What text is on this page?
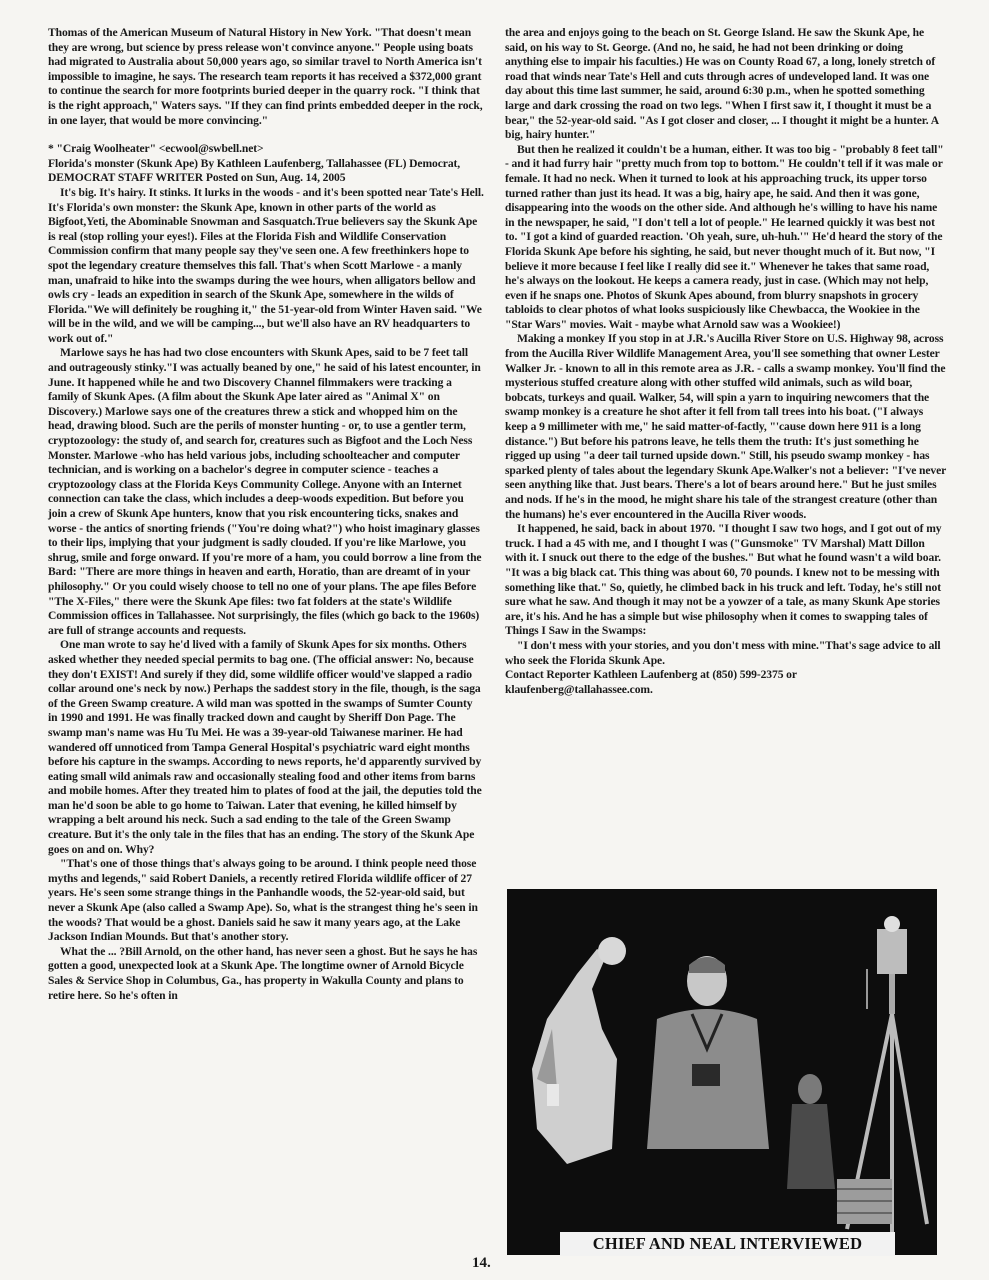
Thomas of the American Museum of Natural History in New York. "That doesn't mean they are wrong, but science by press release won't convince anyone." People using boats had migrated to Australia about 50,000 years ago, so similar travel to North America isn't impossible to imagine, he says. The research team reports it has received a $372,000 grant to continue the search for more footprints buried deeper in the quarry rock. "I think that is the right approach," Waters says. "If they can find prints embedded deeper in the rock, in one layer, that would be more convincing."

* "Craig Woolheater" <ecwool@swbell.net>

Florida's monster (Skunk Ape) By Kathleen Laufenberg, Tallahassee (FL) Democrat, DEMOCRAT STAFF WRITER Posted on Sun, Aug. 14, 2005

It's big. It's hairy. It stinks. It lurks in the woods - and it's been spotted near Tate's Hell. It's Florida's own monster: the Skunk Ape, known in other parts of the world as Bigfoot,Yeti, the Abominable Snowman and Sasquatch.True believers say the Skunk Ape is real (stop rolling your eyes!). Files at the Florida Fish and Wildlife Conservation Commission confirm that many people say they've seen one. A few freethinkers hope to spot the legendary creature themselves this fall. That's when Scott Marlowe - a manly man, unafraid to hike into the swamps during the wee hours, when alligators bellow and owls cry - leads an expedition in search of the Skunk Ape, somewhere in the wilds of Florida."We will definitely be roughing it," the 51-year-old from Winter Haven said. "We will be in the wild, and we will be camping..., but we'll also have an RV headquarters to work out of."

Marlowe says he has had two close encounters with Skunk Apes, said to be 7 feet tall and outrageously stinky."I was actually beaned by one," he said of his latest encounter, in June. It happened while he and two Discovery Channel filmmakers were tracking a family of Skunk Apes. (A film about the Skunk Ape later aired as "Animal X" on Discovery.) Marlowe says one of the creatures threw a stick and whopped him on the head, drawing blood. Such are the perils of monster hunting - or, to use a gentler term, cryptozoology: the study of, and search for, creatures such as Bigfoot and the Loch Ness Monster. Marlowe -who has held various jobs, including schoolteacher and computer technician, and is working on a bachelor's degree in computer science - teaches a cryptozoology class at the Florida Keys Community College. Anyone with an Internet connection can take the class, which includes a deep-woods expedition. But before you join a crew of Skunk Ape hunters, know that you risk encountering ticks, snakes and worse - the antics of snorting friends ("You're doing what?") who hoist imaginary glasses to their lips, implying that your judgment is sadly clouded. If you're like Marlowe, you shrug, smile and forge onward. If you're more of a ham, you could borrow a line from the Bard: "There are more things in heaven and earth, Horatio, than are dreamt of in your philosophy." Or you could wisely choose to tell no one of your plans. The ape files Before "The X-Files," there were the Skunk Ape files: two fat folders at the state's Wildlife Commission offices in Tallahassee. Not surprisingly, the files (which go back to the 1960s) are full of strange accounts and requests.

One man wrote to say he'd lived with a family of Skunk Apes for six months. Others asked whether they needed special permits to bag one. (The official answer: No, because they don't EXIST! And surely if they did, some wildlife officer would've slapped a radio collar around one's neck by now.) Perhaps the saddest story in the file, though, is the saga of the Green Swamp creature. A wild man was spotted in the swamps of Sumter County in 1990 and 1991. He was finally tracked down and caught by Sheriff Don Page. The swamp man's name was Hu Tu Mei. He was a 39-year-old Taiwanese mariner. He had wandered off unnoticed from Tampa General Hospital's psychiatric ward eight months before his capture in the swamps. According to news reports, he'd apparently survived by eating small wild animals raw and occasionally stealing food and other items from barns and mobile homes. After they treated him to plates of food at the jail, the deputies told the man he'd soon be able to go home to Taiwan. Later that evening, he killed himself by wrapping a belt around his neck. Such a sad ending to the tale of the Green Swamp creature. But it's the only tale in the files that has an ending. The story of the Skunk Ape goes on and on. Why?

"That's one of those things that's always going to be around. I think people need those myths and legends," said Robert Daniels, a recently retired Florida wildlife officer of 27 years. He's seen some strange things in the Panhandle woods, the 52-year-old said, but never a Skunk Ape (also called a Swamp Ape). So, what is the strangest thing he's seen in the woods? That would be a ghost. Daniels said he saw it many years ago, at the Lake Jackson Indian Mounds. But that's another story.

What the ... ?Bill Arnold, on the other hand, has never seen a ghost. But he says he has gotten a good, unexpected look at a Skunk Ape. The longtime owner of Arnold Bicycle Sales & Service Shop in Columbus, Ga., has property in Wakulla County and plans to retire here. So he's often in

the area and enjoys going to the beach on St. George Island. He saw the Skunk Ape, he said, on his way to St. George. (And no, he said, he had not been drinking or doing anything else to impair his faculties.) He was on County Road 67, a long, lonely stretch of road that winds near Tate's Hell and cuts through acres of undeveloped land. It was one day about this time last summer, he said, around 6:30 p.m., when he spotted something large and dark crossing the road on two legs. "When I first saw it, I thought it must be a bear," the 52-year-old said. "As I got closer and closer, ... I thought it might be a hunter. A big, hairy hunter."

But then he realized it couldn't be a human, either. It was too big - "probably 8 feet tall" - and it had furry hair "pretty much from top to bottom." He couldn't tell if it was male or female. It had no neck. When it turned to look at his approaching truck, its upper torso turned rather than just its head. It was a big, hairy ape, he said. And then it was gone, disappearing into the woods on the other side. And although he's willing to have his name in the newspaper, he said, "I don't tell a lot of people." He learned quickly it was best not to. "I got a kind of guarded reaction. 'Oh yeah, sure, uh-huh.'" He'd heard the story of the Florida Skunk Ape before his sighting, he said, but never thought much of it. But now, "I believe it more because I feel like I really did see it." Whenever he takes that same road, he's always on the lookout. He keeps a camera ready, just in case. (Which may not help, even if he snaps one. Photos of Skunk Apes abound, from blurry snapshots in grocery tabloids to clear photos of what looks suspiciously like Chewbacca, the Wookiee in the "Star Wars" movies. Wait - maybe what Arnold saw was a Wookiee!)

Making a monkey If you stop in at J.R.'s Aucilla River Store on U.S. Highway 98, across from the Aucilla River Wildlife Management Area, you'll see something that owner Lester Walker Jr. - known to all in this remote area as J.R. - calls a swamp monkey. You'll find the mysterious stuffed creature along with other stuffed wild animals, such as wild boar, bobcats, turkeys and quail. Walker, 54, will spin a yarn to inquiring newcomers that the swamp monkey is a creature he shot after it fell from tall trees into his boat. ("I always keep a 9 millimeter with me," he said matter-of-factly, "'cause down here 911 is a long distance.") But before his patrons leave, he tells them the truth: It's just something he rigged up using "a deer tail turned upside down." Still, his pseudo swamp monkey - has sparked plenty of tales about the legendary Skunk Ape.Walker's not a believer: "I've never seen anything like that. Just bears. There's a lot of bears around here." But he just smiles and nods. If he's in the mood, he might share his tale of the strangest creature (other than the humans) he's ever encountered in the Aucilla River woods.

It happened, he said, back in about 1970. "I thought I saw two hogs, and I got out of my truck. I had a 45 with me, and I thought I was ("Gunsmoke" TV Marshal) Matt Dillon with it. I snuck out there to the edge of the bushes." But what he found wasn't a wild boar. "It was a big black cat. This thing was about 60, 70 pounds. I knew not to be messing with something like that." So, quietly, he climbed back in his truck and left. Today, he's still not sure what he saw. And though it may not be a yowzer of a tale, as many Skunk Ape stories are, it's his. And he has a simple but wise philosophy when it comes to swapping tales of Things I Saw in the Swamps:

"I don't mess with your stories, and you don't mess with mine."That's sage advice to all who seek the Florida Skunk Ape.

Contact Reporter Kathleen Laufenberg at (850) 599-2375 or klaufenberg@tallahassee.com.

CHIEF AND NEAL INTERVIEWED
14.
